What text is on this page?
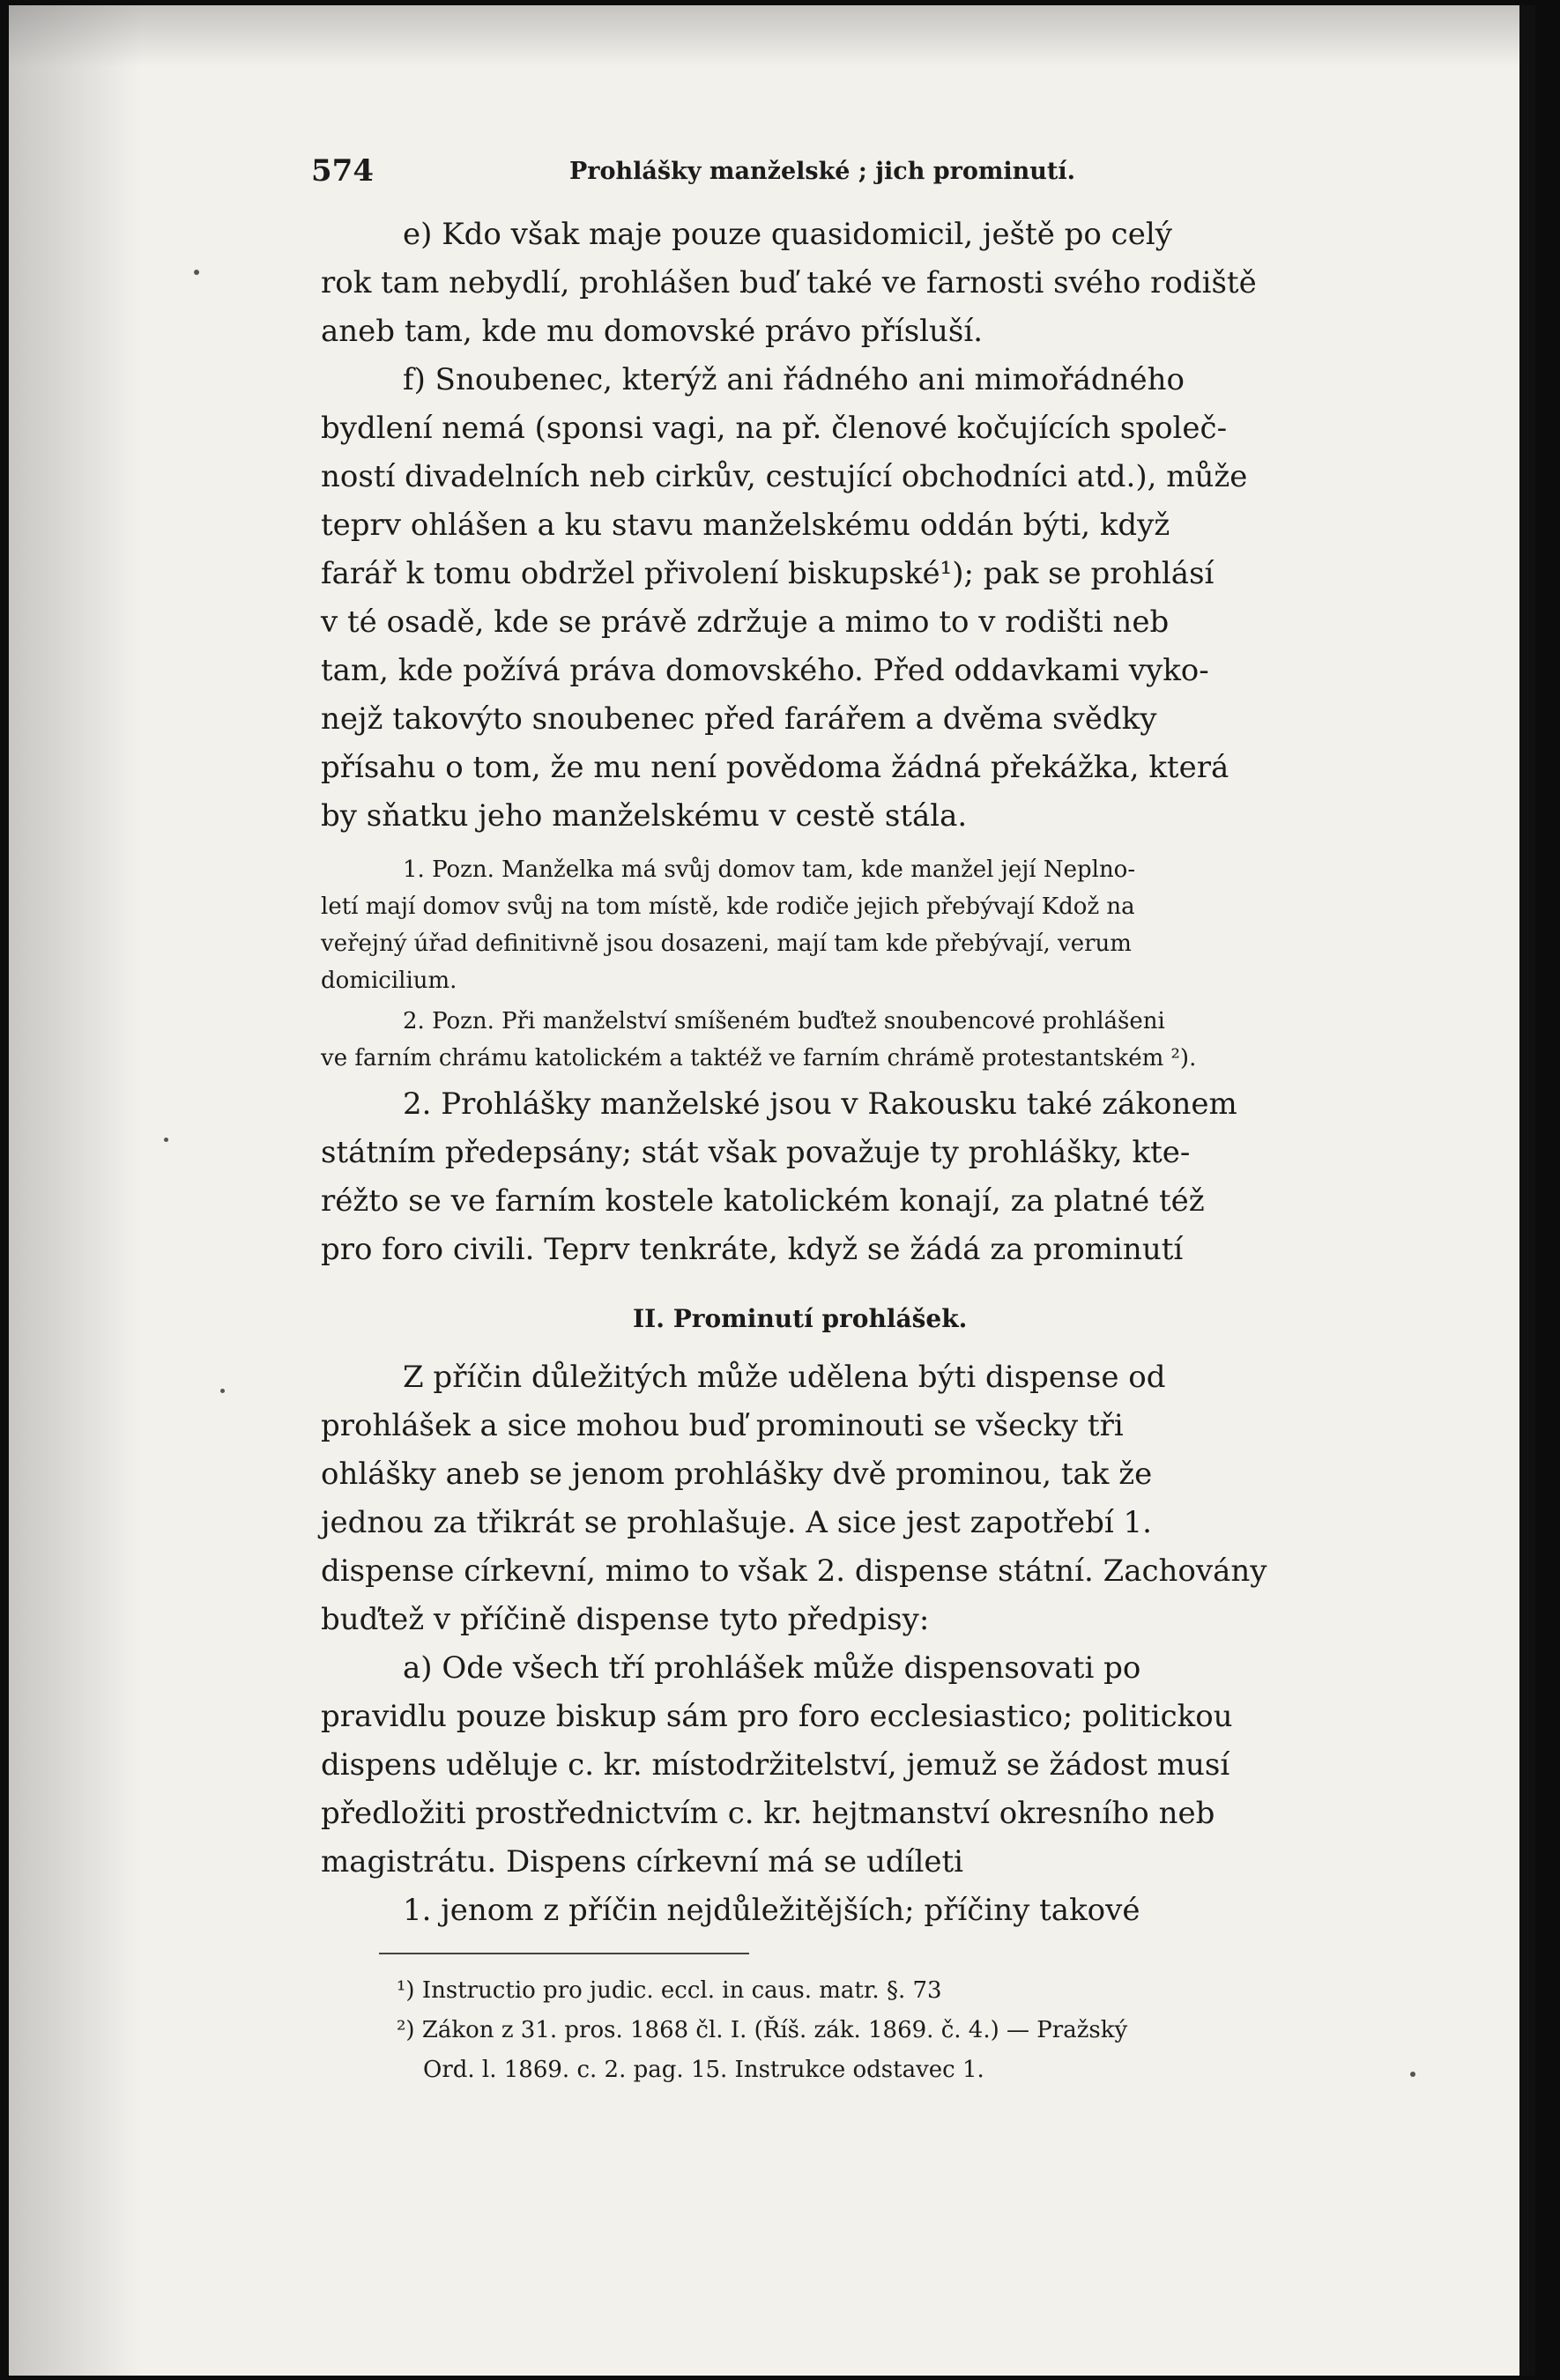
574	Prohlášky manželské ; jich prominutí.
e) Kdo však maje pouze quasidomicil, ještě po celý
rok tam nebydlí, prohlášen buď také ve farnosti svého rodiště
aneb tam, kde mu domovské právo přísluší.
f) Snoubenec, kterýž ani řádného ani mimořádného
bydlení nemá (sponsi vagi, na př. členové kočujících společ-
ností divadelních neb cirkův, cestující obchodníci atd.), může
teprv ohlášen a ku stavu manželskému oddán býti, když
farář k tomu obdržel přivolení biskupské¹); pak se prohlásí
v té osadě, kde se právě zdržuje a mimo to v rodišti neb
tam, kde požívá práva domovského. Před oddavkami vyko-
nejž takovýto snoubenec před farářem a dvěma svědky
přísahu o tom, že mu není povědoma žádná překážka, která
by sňatku jeho manželskému v cestě stála.
1. Pozn. Manželka má svůj domov tam, kde manžel její Neplno-
letí mají domov svůj na tom místě, kde rodiče jejich přebývají Kdož na
veřejný úřad definitivně jsou dosazeni, mají tam kde přebývají, verum
domicilium.
2. Pozn. Při manželství smíšeném buďtež snoubencové prohlášeni
ve farním chrámu katolickém a taktéž ve farním chrámě protestantském ²).
2. Prohlášky manželské jsou v Rakousku také zákonem
státním předepsány; stát však považuje ty prohlášky, kte-
réžto se ve farním kostele katolickém konají, za platné též
pro foro civili. Teprv tenkráte, když se žádá za prominutí
II. Prominutí prohlášek.
Z příčin důležitých může udělena býti dispense od
prohlášek a sice mohou buď prominouti se všecky tři
ohlášky aneb se jenom prohlášky dvě prominou, tak že
jednou za třikrát se prohlašuje. A sice jest zapotřebí 1.
dispense církevní, mimo to však 2. dispense státní. Zachovány
buďtež v příčině dispense tyto předpisy:
a) Ode všech tří prohlášek může dispensovati po
pravidlu pouze biskup sám pro foro ecclesiastico; politickou
dispens uděluje c. kr. místodržitelství, jemuž se žádost musí
předložiti prostřednictvím c. kr. hejtmanství okresního neb
magistrátu. Dispens církevní má se udíleti
1. jenom z příčin nejdůležitějších; příčiny takové
¹) Instructio pro judic. eccl. in caus. matr. §. 73
²) Zákon z 31. pros. 1868 čl. I. (Říš. zák. 1869. č. 4.) — Pražský
Ord. l. 1869. c. 2. pag. 15. Instrukce odstavec 1.
